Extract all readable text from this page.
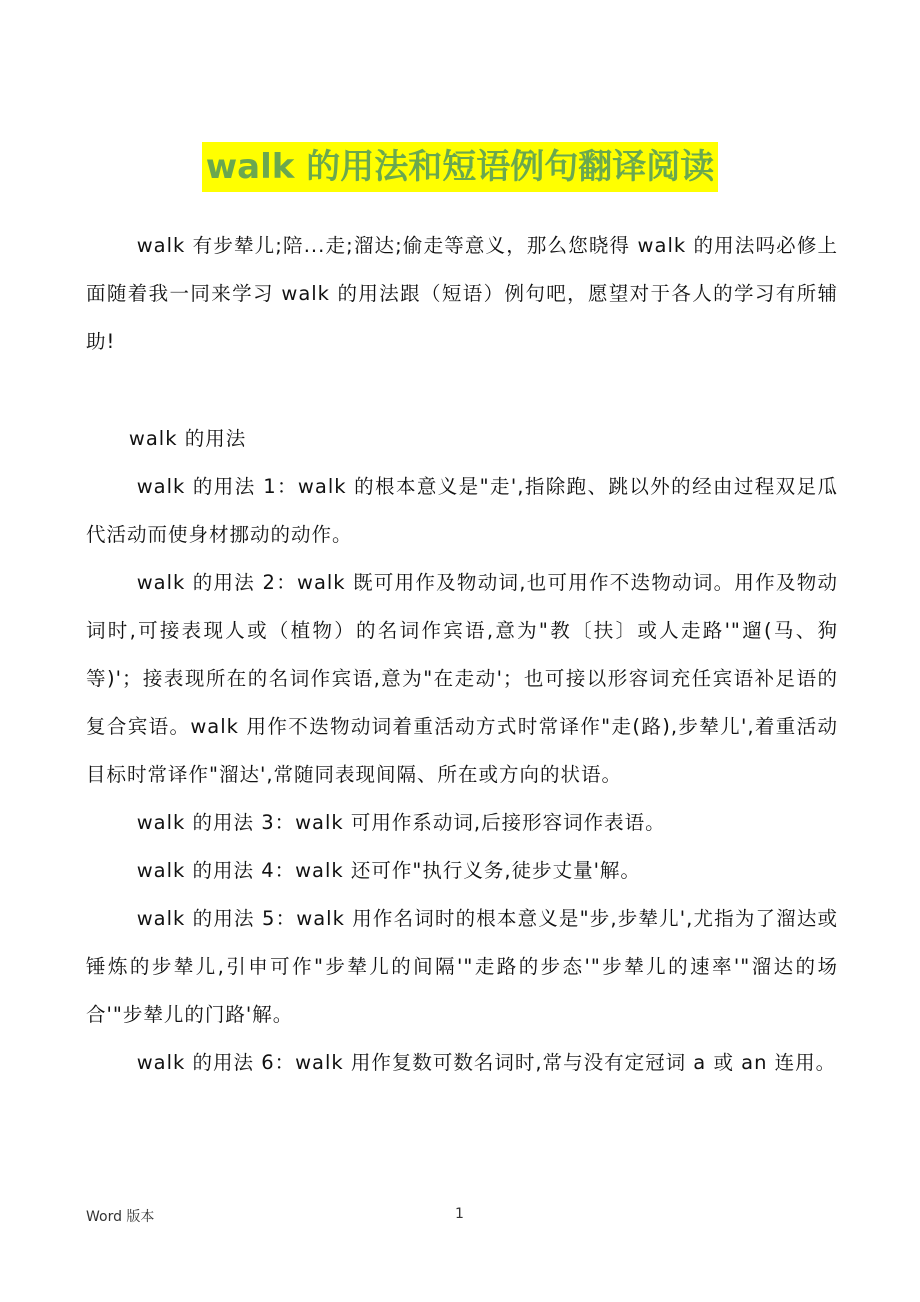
walk 的用法和短语例句翻译阅读

walk 有步辇儿;陪...走;溜达;偷走等意义，那么您晓得 walk 的用法吗必修上面随着我一同来学习 walk 的用法跟（短语）例句吧，愿望对于各人的学习有所辅助!

walk 的用法

walk 的用法 1：walk 的根本意义是"走',指除跑、跳以外的经由过程双足瓜代活动而使身材挪动的动作。

walk 的用法 2：walk 既可用作及物动词,也可用作不迭物动词。用作及物动词时,可接表现人或（植物）的名词作宾语,意为"教〔扶〕或人走路'"遛(马、狗等)'；接表现所在的名词作宾语,意为"在走动'；也可接以形容词充任宾语补足语的复合宾语。walk 用作不迭物动词着重活动方式时常译作"走(路),步辇儿',着重活动目标时常译作"溜达',常随同表现间隔、所在或方向的状语。

walk 的用法 3：walk 可用作系动词,后接形容词作表语。

walk 的用法 4：walk 还可作"执行义务,徒步丈量'解。

walk 的用法 5：walk 用作名词时的根本意义是"步,步辇儿',尤指为了溜达或锤炼的步辇儿,引申可作"步辇儿的间隔'"走路的步态'"步辇儿的速率'"溜达的场合'"步辇儿的门路'解。

walk 的用法 6：walk 用作复数可数名词时,常与没有定冠词 a 或 an 连用。

Word 版本	1
